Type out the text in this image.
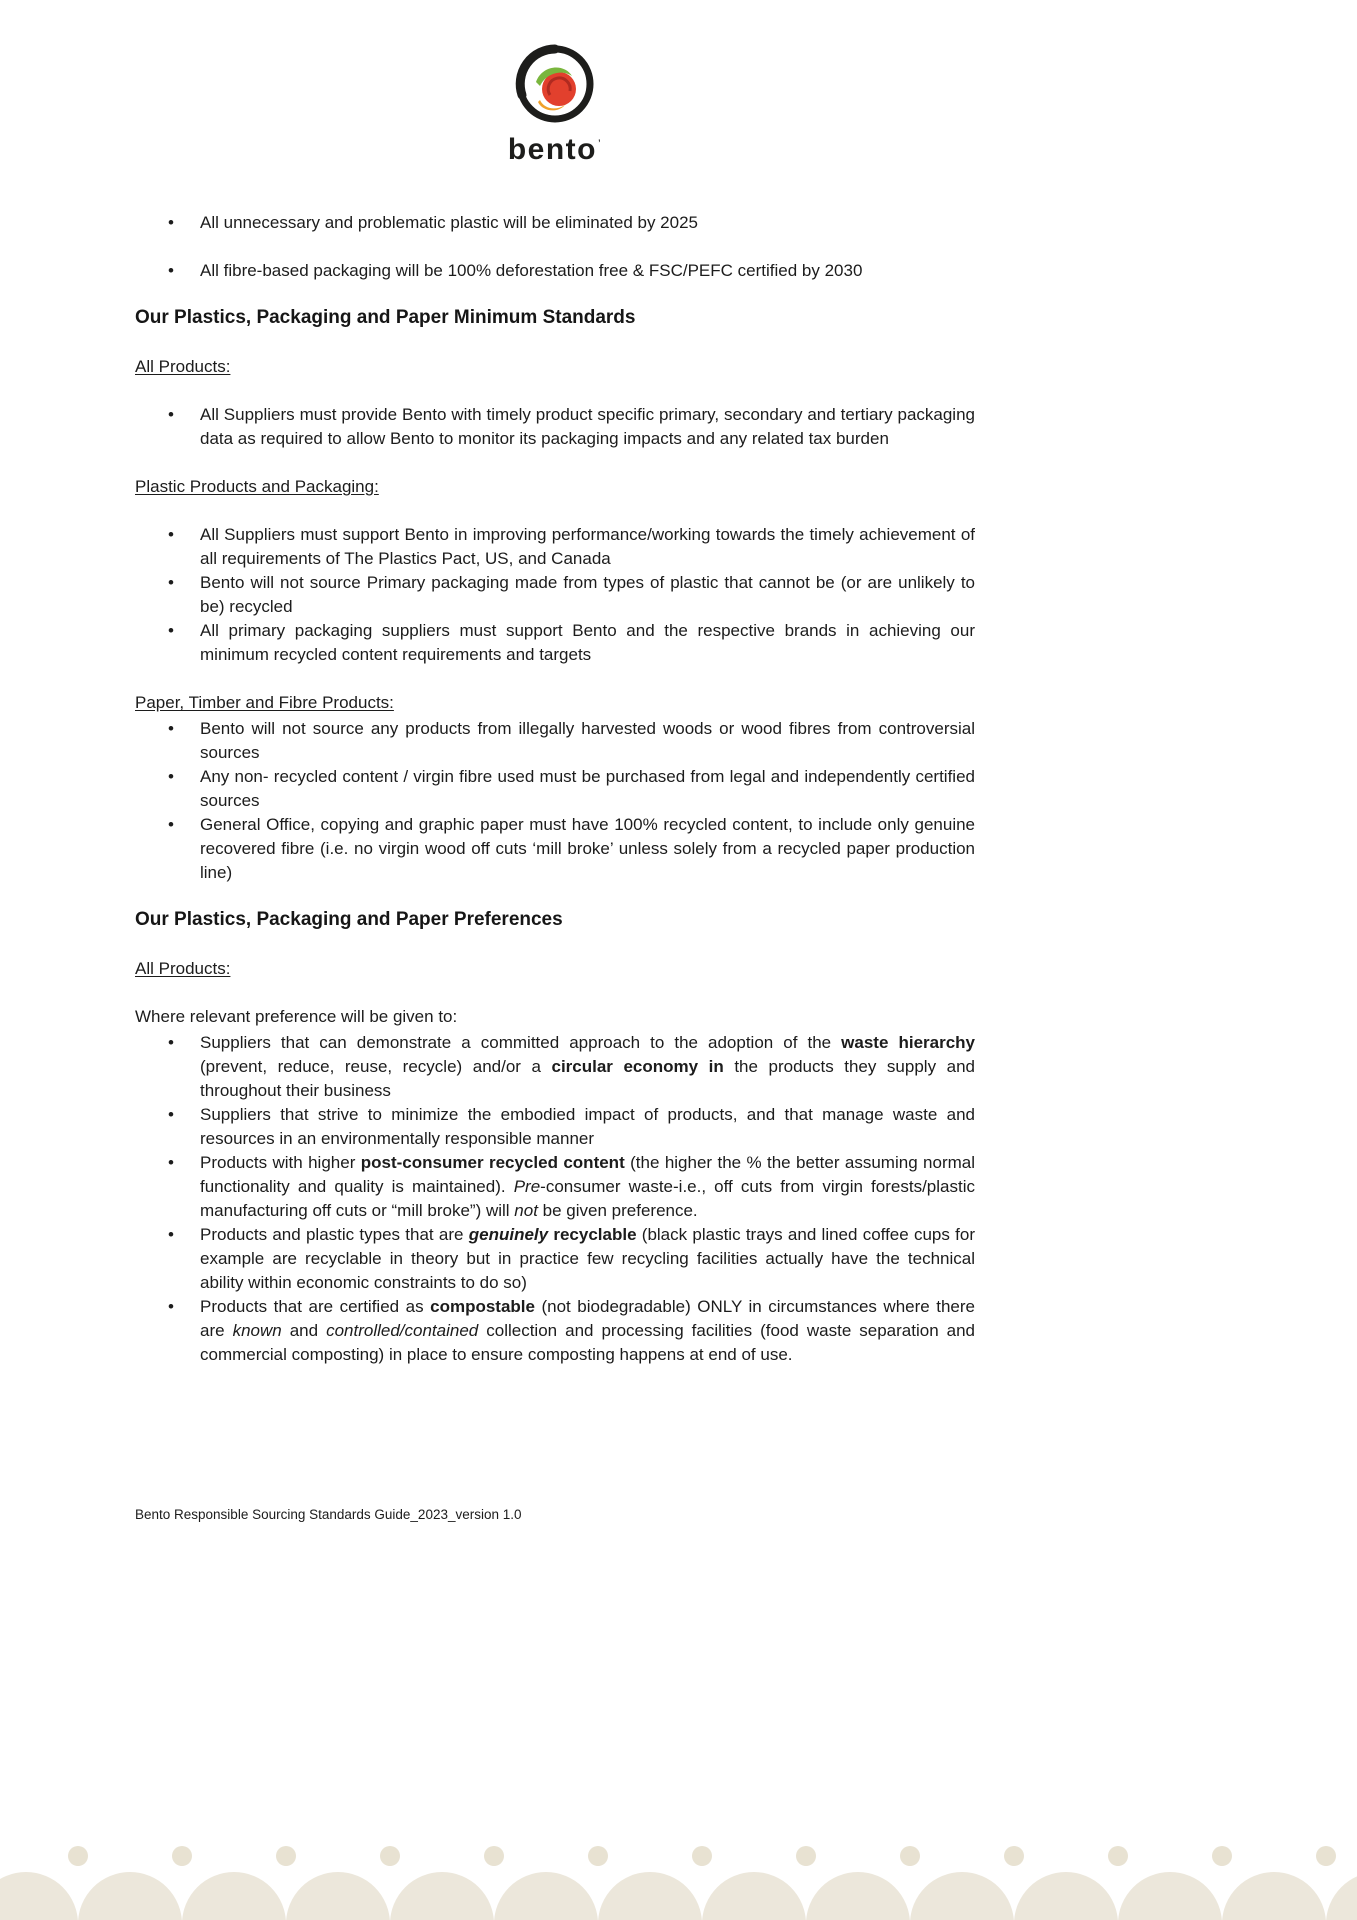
bento’
•	All unnecessary and problematic plastic will be eliminated by 2025
•	All fibre-based packaging will be 100% deforestation free & FSC/PEFC certified by 2030
Our Plastics, Packaging and Paper Minimum Standards
All Products:
•	All Suppliers must provide Bento with timely product specific primary, secondary and tertiary packaging data as required to allow Bento to monitor its packaging impacts and any related tax burden
Plastic Products and Packaging:
•	All Suppliers must support Bento in improving performance/working towards the timely achievement of all requirements of The Plastics Pact, US, and Canada
•	Bento will not source Primary packaging made from types of plastic that cannot be (or are unlikely to be) recycled
•	All primary packaging suppliers must support Bento and the respective brands in achieving our minimum recycled content requirements and targets
Paper, Timber and Fibre Products:
•	Bento will not source any products from illegally harvested woods or wood fibres from controversial sources
•	Any non- recycled content / virgin fibre used must be purchased from legal and independently certified sources
•	General Office, copying and graphic paper must have 100% recycled content, to include only genuine recovered fibre (i.e. no virgin wood off cuts ‘mill broke’ unless solely from a recycled paper production line)
Our Plastics, Packaging and Paper Preferences
All Products:

Where relevant preference will be given to:

•	Suppliers that can demonstrate a committed approach to the adoption of the waste hierarchy (prevent, reduce, reuse, recycle) and/or a circular economy in the products they supply and throughout their business
•	Suppliers that strive to minimize the embodied impact of products, and that manage waste and resources in an environmentally responsible manner
•	Products with higher post-consumer recycled content (the higher the % the better assuming normal functionality and quality is maintained). Pre-consumer waste-i.e., off cuts from virgin forests/plastic manufacturing off cuts or “mill broke”) will not be given preference.
•	Products and plastic types that are genuinely recyclable (black plastic trays and lined coffee cups for example are recyclable in theory but in practice few recycling facilities actually have the technical ability within economic constraints to do so)
•	Products that are certified as compostable (not biodegradable) ONLY in circumstances where there are known and controlled/contained collection and processing facilities (food waste separation and commercial composting) in place to ensure composting happens at end of use.
Bento Responsible Sourcing Standards Guide_2023_version 1.0
